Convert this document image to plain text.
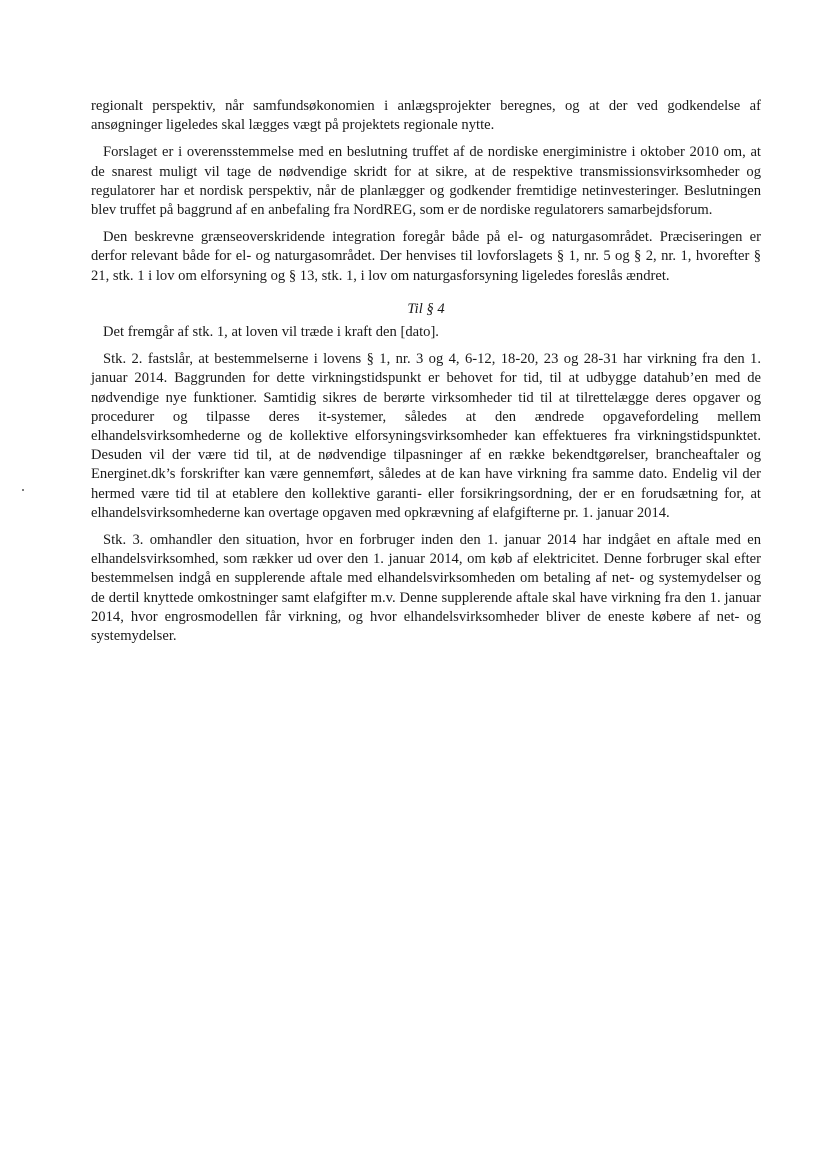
regionalt perspektiv, når samfundsøkonomien i anlægsprojekter beregnes, og at der ved godkendelse af ansøgninger ligeledes skal lægges vægt på projektets regionale nytte.

Forslaget er i overensstemmelse med en beslutning truffet af de nordiske energiministre i oktober 2010 om, at de snarest muligt vil tage de nødvendige skridt for at sikre, at de respektive transmissionsvirksomheder og regulatorer har et nordisk perspektiv, når de planlægger og godkender fremtidige netinvesteringer. Beslutningen blev truffet på baggrund af en anbefaling fra NordREG, som er de nordiske regulatorers samarbejdsforum.

Den beskrevne grænseoverskridende integration foregår både på el- og naturgasområdet. Præciseringen er derfor relevant både for el- og naturgasområdet. Der henvises til lovforslagets § 1, nr. 5 og § 2, nr. 1, hvorefter § 21, stk. 1 i lov om elforsyning og § 13, stk. 1, i lov om naturgasforsyning ligeledes foreslås ændret.

Til § 4

Det fremgår af stk. 1, at loven vil træde i kraft den [dato].

Stk. 2. fastslår, at bestemmelserne i lovens § 1, nr. 3 og 4, 6-12, 18-20, 23 og 28-31 har virkning fra den 1. januar 2014. Baggrunden for dette virkningstidspunkt er behovet for tid, til at udbygge datahub’en med de nødvendige nye funktioner. Samtidig sikres de berørte virksomheder tid til at tilrettelægge deres opgaver og procedurer og tilpasse deres it-systemer, således at den ændrede opgavefordeling mellem elhandelsvirksomhederne og de kollektive elforsyningsvirksomheder kan effektueres fra virkningstidspunktet. Desuden vil der være tid til, at de nødvendige tilpasninger af en række bekendtgørelser, brancheaftaler og Energinet.dk’s forskrifter kan være gennemført, således at de kan have virkning fra samme dato. Endelig vil der hermed være tid til at etablere den kollektive garanti- eller forsikringsordning, der er en forudsætning for, at elhandelsvirksomhederne kan overtage opgaven med opkrævning af elafgifterne pr. 1. januar 2014.

Stk. 3. omhandler den situation, hvor en forbruger inden den 1. januar 2014 har indgået en aftale med en elhandelsvirksomhed, som rækker ud over den 1. januar 2014, om køb af elektricitet. Denne forbruger skal efter bestemmelsen indgå en supplerende aftale med elhandelsvirksomheden om betaling af net- og systemydelser og de dertil knyttede omkostninger samt elafgifter m.v. Denne supplerende aftale skal have virkning fra den 1. januar 2014, hvor engrosmodellen får virkning, og hvor elhandelsvirksomheder bliver de eneste købere af net- og systemydelser.
